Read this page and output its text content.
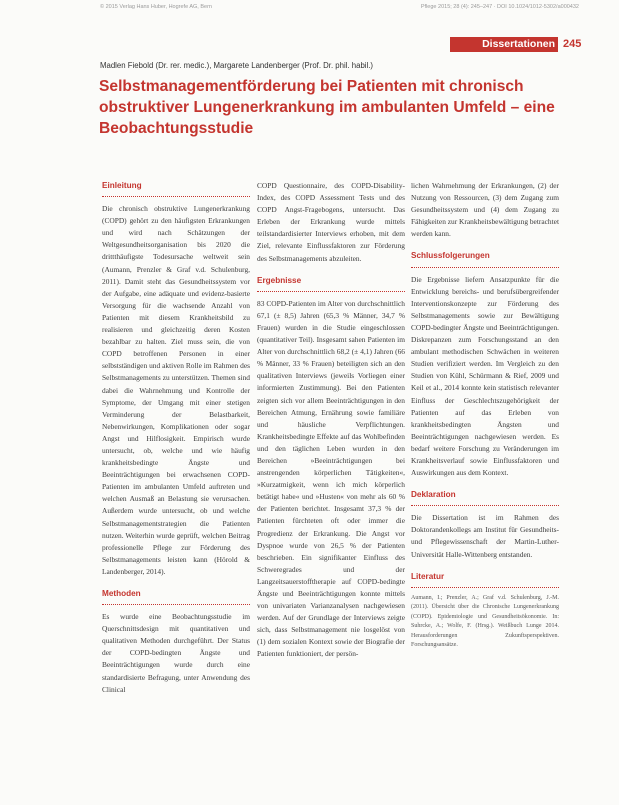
© 2015 Verlag Hans Huber, Hogrefe AG, Bern	Pflege 2015; 28 (4): 245–247 · DOI 10.1024/1012-5302/a000432
Dissertationen 245
Madlen Fiebold (Dr. rer. medic.), Margarete Landenberger (Prof. Dr. phil. habil.)
Selbstmanagementförderung bei Patienten mit chronisch obstruktiver Lungenerkrankung im ambulanten Umfeld – eine Beobachtungsstudie
Einleitung

Die chronisch obstruktive Lungenerkrankung (COPD) gehört zu den häufigsten Erkrankungen und wird nach Schätzungen der Weltgesundheitsorganisation bis 2020 die drittthäufigste Todesursache weltweit sein (Aumann, Prenzler & Graf v.d. Schulenburg, 2011). Damit steht das Gesundheitssystem vor der Aufgabe, eine adäquate und evidenz-basierte Versorgung für die wachsende Anzahl von Patienten mit diesem Krankheitsbild zu realisieren und gleichzeitig deren Kosten bezahlbar zu halten. Ziel muss sein, die von COPD betroffenen Personen in einer selbstständigen und aktiven Rolle im Rahmen des Selbstmanagements zu unterstützen. Themen sind dabei die Wahrnehmung und Kontrolle der Symptome, der Umgang mit einer stetigen Verminderung der Belastbarkeit, Nebenwirkungen, Komplikationen oder sogar Angst und Hilflosigkeit. Empirisch wurde untersucht, ob, welche und wie häufig krankheitsbedingte Ängste und Beeinträchtigungen bei erwachsenen COPD-Patienten im ambulanten Umfeld auftreten und welchen Ausmaß an Belastung sie verursachen. Außerdem wurde untersucht, ob und welche Selbstmanagementstrategien die Patienten nutzen. Weiterhin wurde geprüft, welchen Beitrag professionelle Pflege zur Förderung des Selbstmanagements leisten kann (Hörold & Landenberger, 2014).

Methoden

Es wurde eine Beobachtungsstudie im Querschnittsdesign mit quantitativen und qualitativen Methoden durchgeführt. Der Status der COPD-bedingten Ängste und Beeinträchtigungen wurde durch eine standardisierte Befragung, unter Anwendung des Clinical

COPD Questionnaire, des COPD-Disability-Index, des COPD Assessment Tests und des COPD Angst-Fragebogens, untersucht. Das Erleben der Erkrankung wurde mittels teilstandardisierter Interviews erhoben, mit dem Ziel, relevante Einflussfaktoren zur Förderung des Selbstmanagements abzuleiten.

Ergebnisse

83 COPD-Patienten im Alter von durchschnittlich 67,1 (± 8,5) Jahren (65,3 % Männer, 34,7 % Frauen) wurden in die Studie eingeschlossen (quantitativer Teil). Insgesamt sahen Patienten im Alter von durchschnittlich 68,2 (± 4,1) Jahren (66 % Männer, 33 % Frauen) beteiligten sich an den qualitativen Interviews (jeweils Vorliegen einer informierten Zustimmung). Bei den Patienten zeigten sich vor allem Beeinträchtigungen in den Bereichen Atmung, Ernährung sowie familiäre und häusliche Verpflichtungen. Krankheitsbedingte Effekte auf das Wohlbefinden und den täglichen Leben wurden in den Bereichen »Beeinträchtigungen bei anstrengenden körperlichen Tätigkeiten«, »Kurzatmigkeit, wenn ich mich körperlich betätigt habe« und »Husten« von mehr als 60 % der Patienten berichtet. Insgesamt 37,3 % der Patienten fürchteten oft oder immer die Progredienz der Erkrankung. Die Angst vor Dyspnoe wurde von 26,5 % der Patienten beschrieben. Ein signifikanter Einfluss des Schweregrades und der Langzeitsauerstofftherapie auf COPD-bedingte Ängste und Beeinträchtigungen konnte mittels von univariaten Varianzanalysen nachgewiesen werden. Auf der Grundlage der Interviews zeigte sich, dass Selbstmanagement nie losgelöst von (1) dem sozialen Kontext sowie der Biografie der Patienten funktioniert, der persön-

lichen Wahrnehmung der Erkrankungen, (2) der Nutzung von Ressourcen, (3) dem Zugang zum Gesundheitssystem und (4) dem Zugang zu Fähigkeiten zur Krankheitsbewältigung betrachtet werden kann.

Schlussfolgerungen

Die Ergebnisse liefern Ansatzpunkte für die Entwicklung bereichs- und berufsübergreifender Interventionskonzepte zur Förderung des Selbstmanagements sowie zur Bewältigung COPD-bedingter Ängste und Beeinträchtigungen. Diskrepanzen zum Forschungsstand an den ambulant methodischen Schwächen in weiteren Studien verifiziert werden. Im Vergleich zu den Studien von Kühl, Schürmann & Rief, 2009 und Keil et al., 2014 konnte kein statistisch relevanter Einfluss der Geschlechtszugehörigkeit der Patienten auf das Erleben von krankheitsbedingten Ängsten und Beeinträchtigungen nachgewiesen werden. Es bedarf weitere Forschung zu Veränderungen im Krankheitsverlauf sowie Einflussfaktoren und Auswirkungen aus dem Kontext.

Deklaration

Die Dissertation ist im Rahmen des Doktorandenkollegs am Institut für Gesundheits- und Pflegewissenschaft der Martin-Luther-Universität Halle-Wittenberg entstanden.

Literatur

Aumann, I.; Prenzler, A.; Graf v.d. Schulenburg, J.-M. (2011). Übersicht über die Chronische Lungenerkrankung (COPD). Epidemiologie und Gesundheitsökonomie. In: Suhrcke, A.; Wolfe, F. (Hrsg.). Weißbuch Lunge 2014. Herausforderungen Zukunftsperspektiven. Forschungsansätze.
